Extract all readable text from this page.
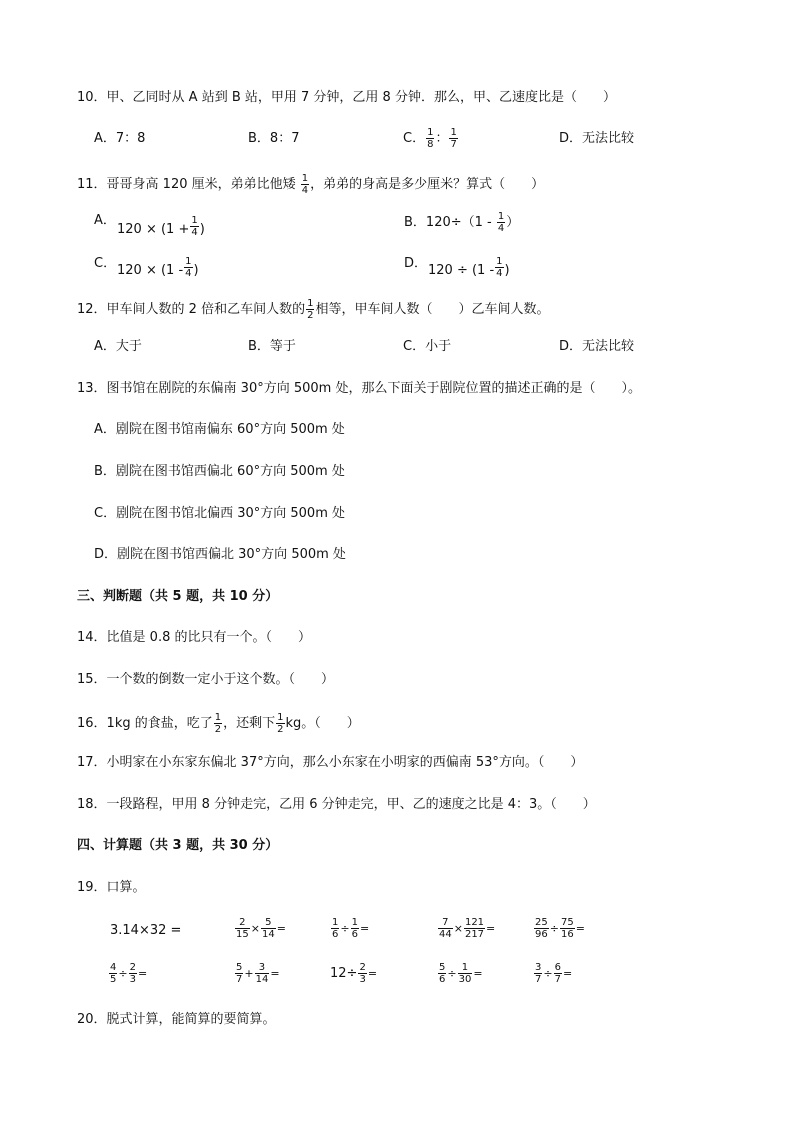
10．甲、乙同时从 A 站到 B 站，甲用 7 分钟，乙用 8 分钟．那么，甲、乙速度比是（　　）
A．7：8	B．8：7	C． $\frac{1}{8}$ ： $\frac{1}{7}$	D．无法比较
11．哥哥身高 120 厘米，弟弟比他矮 $\frac{1}{4}$ ，弟弟的身高是多少厘米？算式（　　）
A．
$120 \times (1 + \frac{1}{4}$ )	B．$120\div(1 - \frac{1}{4}$ ）
C． $120 \times (1 - \frac{1}{4}$ )	D． $120 \div (1 - \frac{1}{4}$ )
12．甲车间人数的 2 倍和乙车间人数的 $\frac{1}{2}$ 相等，甲车间人数（　　）乙车间人数。
A．大于	B．等于	C．小于	D．无法比较
13．图书馆在剧院的东偏南 30°方向 500m 处，那么下面关于剧院位置的描述正确的是（　　）。
A．剧院在图书馆南偏东 60°方向 500m 处
B．剧院在图书馆西偏北 60°方向 500m 处
C．剧院在图书馆北偏西 30°方向 500m 处
D．剧院在图书馆西偏北 30°方向 500m 处
三、判断题（共 5 题，共 10 分）
14．比值是 0.8 的比只有一个。（　　）
15．一个数的倒数一定小于这个数。（　　）
16．1kg 的食盐，吃了 $\frac{1}{2}$ ，还剩下 $\frac{1}{2}$ kg。（　　）
17．小明家在小东家东偏北 37°方向，那么小东家在小明家的西偏南 53°方向。（　　）
18．一段路程，甲用 8 分钟走完，乙用 6 分钟走完，甲、乙的速度之比是 4：3。（　　）
四、计算题（共 3 题，共 30 分）
19．口算。
3.14×32 =	$\frac{2}{15} \times \frac{5}{14}$ =	$\frac{1}{6} \div \frac{1}{6}$ =	$\frac{7}{44} \times \frac{121}{217}$ =	$\frac{25}{96} \div \frac{75}{16}$ =
$\frac{4}{5} \div \frac{2}{3}$ =	$\frac{5}{7} + \frac{3}{14}$ =	$12\div \frac{2}{3}$ =	$\frac{5}{6} \div \frac{1}{30}$ =	$\frac{3}{7} \div \frac{6}{7}$ =
20．脱式计算，能简算的要简算。
